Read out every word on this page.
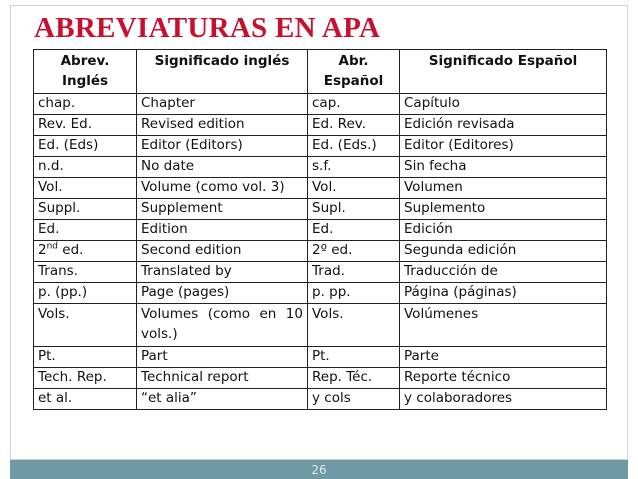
ABREVIATURAS EN APA
Abrev. Inglés	Significado inglés	Abr. Español	Significado Español
chap.	Chapter	cap.	Capítulo
Rev. Ed.	Revised edition	Ed. Rev.	Edición revisada
Ed. (Eds)	Editor (Editors)	Ed. (Eds.)	Editor (Editores)
n.d.	No date	s.f.	Sin fecha
Vol.	Volume (como vol. 3)	Vol.	Volumen
Suppl.	Supplement	Supl.	Suplemento
Ed.	Edition	Ed.	Edición
2nd ed.	Second edition	2º ed.	Segunda edición
Trans.	Translated by	Trad.	Traducción de
p. (pp.)	Page (pages)	p. pp.	Página (páginas)
Vols.	Volumes (como en 10 vols.)	Vols.	Volúmenes
Pt.	Part	Pt.	Parte
Tech. Rep.	Technical report	Rep. Téc.	Reporte técnico
et al.	“et alia”	y cols	y colaboradores
26
